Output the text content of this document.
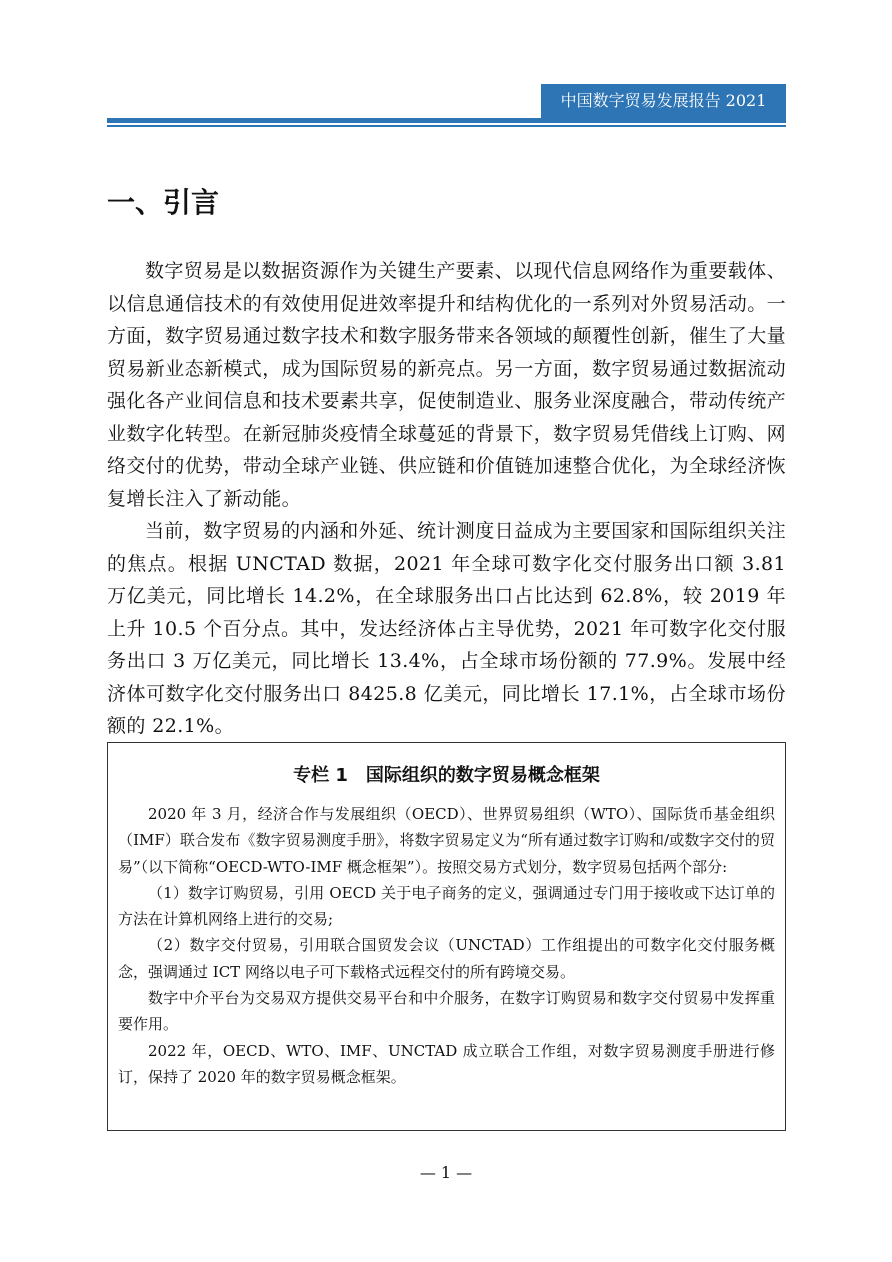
中国数字贸易发展报告 2021
一、引言

数字贸易是以数据资源作为关键生产要素、以现代信息网络作为重要载体、以信息通信技术的有效使用促进效率提升和结构优化的一系列对外贸易活动。一方面，数字贸易通过数字技术和数字服务带来各领域的颠覆性创新，催生了大量贸易新业态新模式，成为国际贸易的新亮点。另一方面，数字贸易通过数据流动强化各产业间信息和技术要素共享，促使制造业、服务业深度融合，带动传统产业数字化转型。在新冠肺炎疫情全球蔓延的背景下，数字贸易凭借线上订购、网络交付的优势，带动全球产业链、供应链和价值链加速整合优化，为全球经济恢复增长注入了新动能。

当前，数字贸易的内涵和外延、统计测度日益成为主要国家和国际组织关注的焦点。根据 UNCTAD 数据，2021 年全球可数字化交付服务出口额 3.81 万亿美元，同比增长 14.2%，在全球服务出口占比达到 62.8%，较 2019 年上升 10.5 个百分点。其中，发达经济体占主导优势，2021 年可数字化交付服务出口 3 万亿美元，同比增长 13.4%，占全球市场份额的 77.9%。发展中经济体可数字化交付服务出口 8425.8 亿美元，同比增长 17.1%，占全球市场份额的 22.1%。

专栏 1　国际组织的数字贸易概念框架

2020 年 3 月，经济合作与发展组织（OECD）、世界贸易组织（WTO）、国际货币基金组织（IMF）联合发布《数字贸易测度手册》，将数字贸易定义为“所有通过数字订购和/或数字交付的贸易”（以下简称“OECD-WTO-IMF 概念框架”）。按照交易方式划分，数字贸易包括两个部分:

（1）数字订购贸易，引用 OECD 关于电子商务的定义，强调通过专门用于接收或下达订单的方法在计算机网络上进行的交易;

（2）数字交付贸易，引用联合国贸发会议（UNCTAD）工作组提出的可数字化交付服务概念，强调通过 ICT 网络以电子可下载格式远程交付的所有跨境交易。

数字中介平台为交易双方提供交易平台和中介服务，在数字订购贸易和数字交付贸易中发挥重要作用。

2022 年，OECD、WTO、IMF、UNCTAD 成立联合工作组，对数字贸易测度手册进行修订，保持了 2020 年的数字贸易概念框架。

— 1 —
